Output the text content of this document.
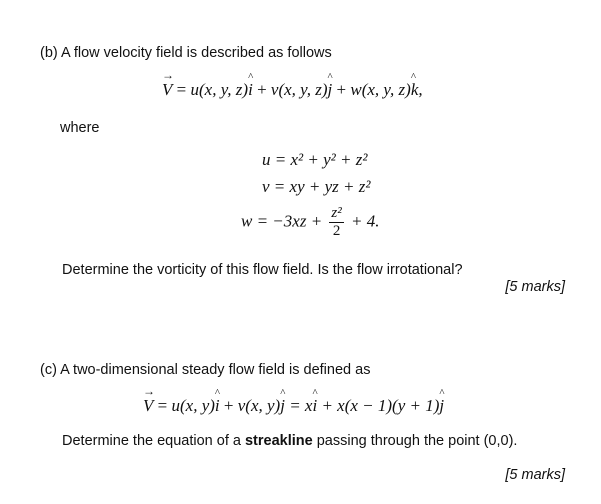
(b) A flow velocity field is described as follows
→ V = u(x, y, z)^ i + v(x, y, z)^ j + w(x, y, z)^ k,
where
u = x² + y² + z²
v = xy + yz + z²
$w = -3xz + \frac{\text{z²}}{2} + 4$.
Determine the vorticity of this flow field. Is the flow irrotational?
[5 marks]
(c) A two-dimensional steady flow field is defined as
→ V = u(x, y)^ i + v(x, y)^ j = x^ i + x(x − 1)(y + 1)^ j
Determine the equation of a streakline passing through the point (0,0).
[5 marks]
